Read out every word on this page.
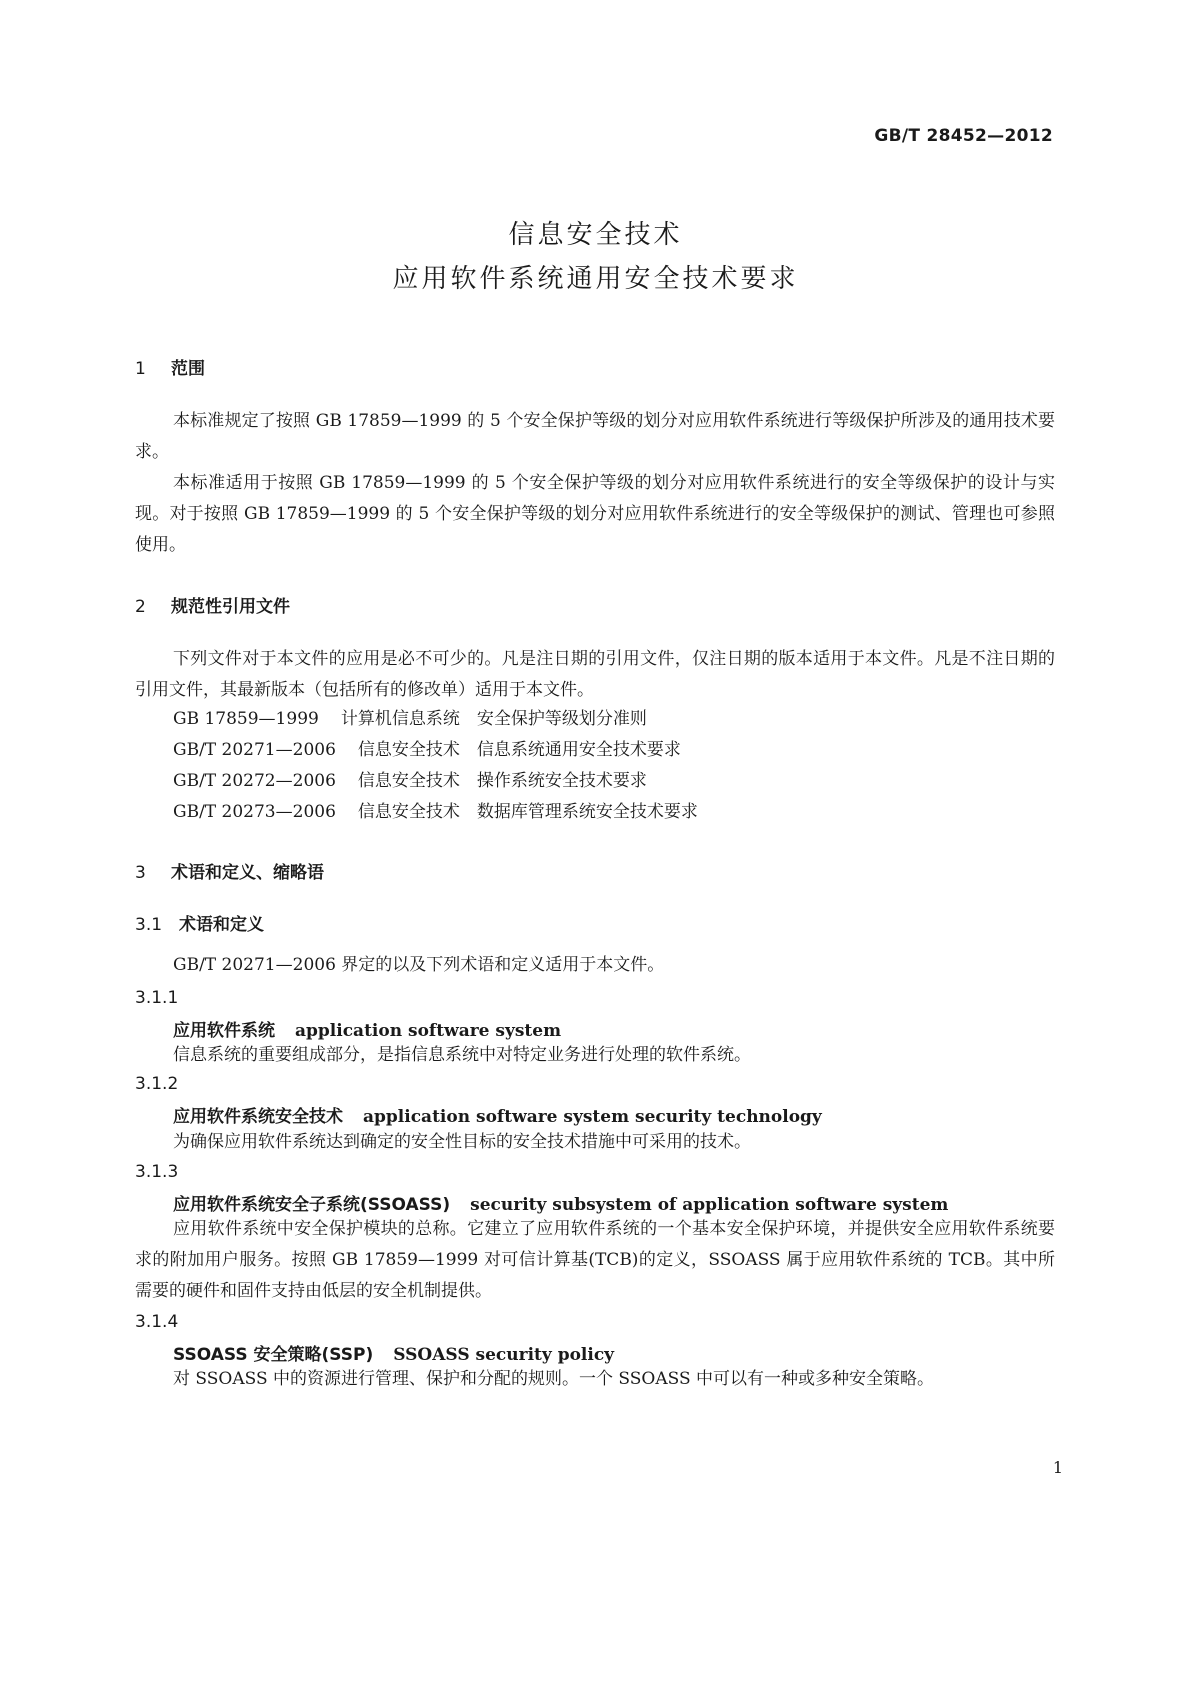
GB/T 28452—2012
信息安全技术
应用软件系统通用安全技术要求
1 范围

本标准规定了按照 GB 17859—1999 的 5 个安全保护等级的划分对应用软件系统进行等级保护所涉及的通用技术要求。

本标准适用于按照 GB 17859—1999 的 5 个安全保护等级的划分对应用软件系统进行的安全等级保护的设计与实现。对于按照 GB 17859—1999 的 5 个安全保护等级的划分对应用软件系统进行的安全等级保护的测试、管理也可参照使用。

2 规范性引用文件

下列文件对于本文件的应用是必不可少的。凡是注日期的引用文件，仅注日期的版本适用于本文件。凡是不注日期的引用文件，其最新版本（包括所有的修改单）适用于本文件。

GB 17859—1999 计算机信息系统　安全保护等级划分准则
GB/T 20271—2006 信息安全技术　信息系统通用安全技术要求
GB/T 20272—2006 信息安全技术　操作系统安全技术要求
GB/T 20273—2006 信息安全技术　数据库管理系统安全技术要求
3 术语和定义、缩略语
3.1 术语和定义

GB/T 20271—2006 界定的以及下列术语和定义适用于本文件。

3.1.1
应用软件系统 application software system

信息系统的重要组成部分，是指信息系统中对特定业务进行处理的软件系统。

3.1.2
应用软件系统安全技术 application software system security technology

为确保应用软件系统达到确定的安全性目标的安全技术措施中可采用的技术。

3.1.3
应用软件系统安全子系统(SSOASS) security subsystem of application software system

应用软件系统中安全保护模块的总称。它建立了应用软件系统的一个基本安全保护环境，并提供安全应用软件系统要求的附加用户服务。按照 GB 17859—1999 对可信计算基(TCB)的定义，SSOASS 属于应用软件系统的 TCB。其中所需要的硬件和固件支持由低层的安全机制提供。

3.1.4
SSOASS 安全策略(SSP) SSOASS security policy

对 SSOASS 中的资源进行管理、保护和分配的规则。一个 SSOASS 中可以有一种或多种安全策略。

1
